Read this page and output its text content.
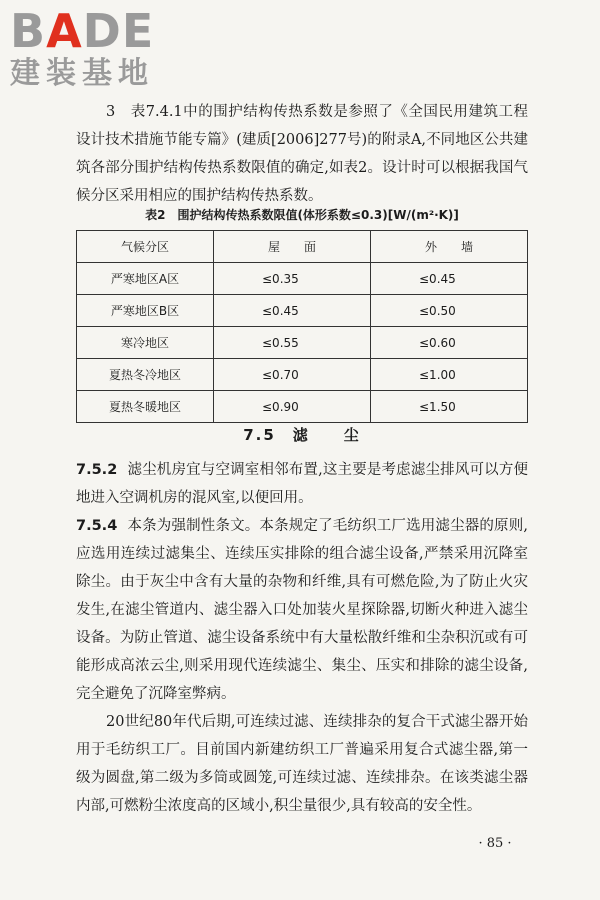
BADE
建装基地
3　表7.4.1中的围护结构传热系数是参照了《全国民用建筑工程设计技术措施节能专篇》(建质[2006]277号)的附录A,不同地区公共建筑各部分围护结构传热系数限值的确定,如表2。设计时可以根据我国气候分区采用相应的围护结构传热系数。
表2　围护结构传热系数限值(体形系数≤0.3)[W/(m²·K)]
气候分区	屋　　面	外　　墙
严寒地区A区	≤0.35	≤0.45
严寒地区B区	≤0.45	≤0.50
寒冷地区	≤0.55	≤0.60
夏热冬冷地区	≤0.70	≤1.00
夏热冬暖地区	≤0.90	≤1.50
7.5　滤　　尘
7.5.2 滤尘机房宜与空调室相邻布置,这主要是考虑滤尘排风可以方便地进入空调机房的混风室,以便回用。
7.5.4 本条为强制性条文。本条规定了毛纺织工厂选用滤尘器的原则,应选用连续过滤集尘、连续压实排除的组合滤尘设备,严禁采用沉降室除尘。由于灰尘中含有大量的杂物和纤维,具有可燃危险,为了防止火灾发生,在滤尘管道内、滤尘器入口处加装火星探除器,切断火种进入滤尘设备。为防止管道、滤尘设备系统中有大量松散纤维和尘杂积沉或有可能形成高浓云尘,则采用现代连续滤尘、集尘、压实和排除的滤尘设备,完全避免了沉降室弊病。
20世纪80年代后期,可连续过滤、连续排杂的复合干式滤尘器开始用于毛纺织工厂。目前国内新建纺织工厂普遍采用复合式滤尘器,第一级为圆盘,第二级为多筒或圆笼,可连续过滤、连续排杂。在该类滤尘器内部,可燃粉尘浓度高的区域小,积尘量很少,具有较高的安全性。
· 85 ·
